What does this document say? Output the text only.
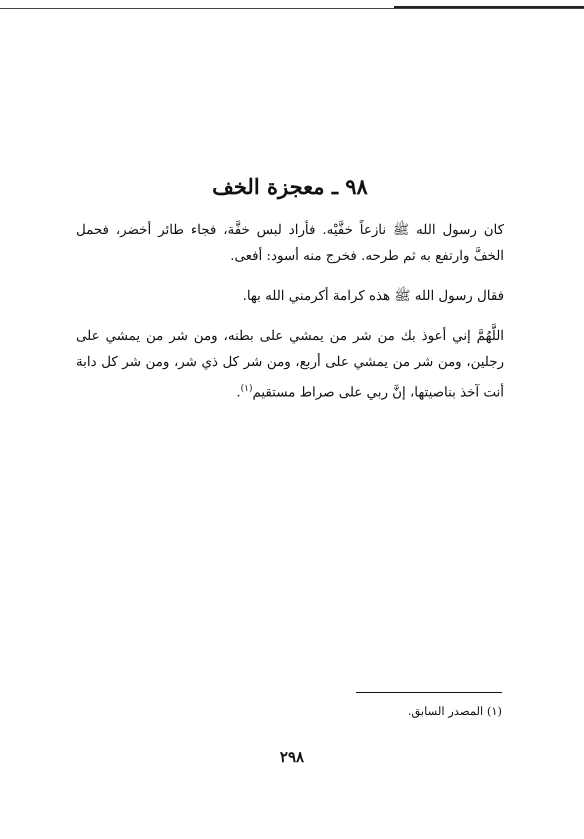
٩٨ ـ معجزة الخف

كان رسول الله ﷺ نازعاً خفَّيْه. فأراد لبس خفَّة، فجاء طائر أخضر، فحمل الخفَّ وارتفع به ثم طرحه. فخرج منه أسود: أفعى.

فقال رسول الله ﷺ هذه كرامة أكرمني الله بها.

اللَّهُمَّ إني أعوذ بك من شر من يمشي على بطنه، ومن شر من يمشي على رجلين، ومن شر من يمشي على أربع، ومن شر كل ذي شر، ومن شر كل دابة أنت آخذ بناصيتها، إنَّ ربي على صراط مستقيم$^{(١)}$.

(١) المصدر السابق.
٢٩٨
